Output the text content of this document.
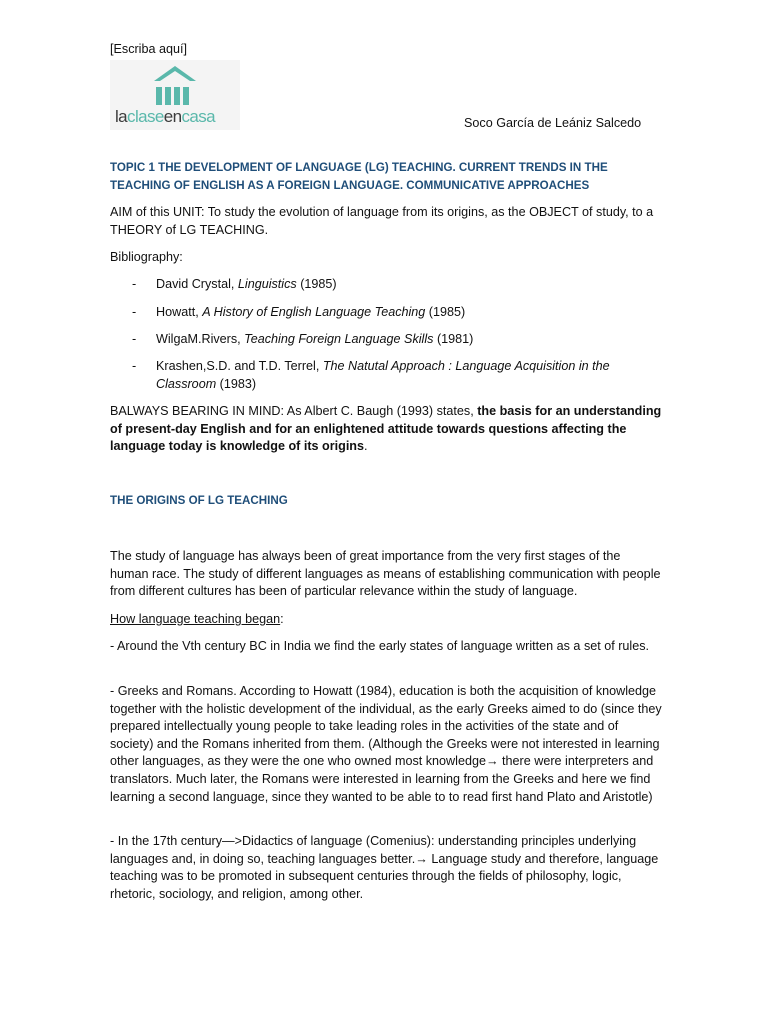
[Escriba aquí]
laclaseencasa	Soco García de Leániz Salcedo
TOPIC 1 THE DEVELOPMENT OF LANGUAGE (LG) TEACHING. CURRENT TRENDS IN THE TEACHING OF ENGLISH AS A FOREIGN LANGUAGE. COMMUNICATIVE APPROACHES
AIM of this UNIT: To study the evolution of language from its origins, as the OBJECT of study, to a THEORY of LG TEACHING.
Bibliography:
- David Crystal, Linguistics (1985)
- Howatt, A History of English Language Teaching (1985)
- WilgaM.Rivers, Teaching Foreign Language Skills (1981)
- Krashen,S.D. and T.D. Terrel, The Natutal Approach : Language Acquisition in the Classroom (1983)
BALWAYS BEARING IN MIND: As Albert C. Baugh (1993) states, the basis for an understanding of present-day English and for an enlightened attitude towards questions affecting the language today is knowledge of its origins.
THE ORIGINS OF LG TEACHING
The study of language has always been of great importance from the very first stages of the human race. The study of different languages as means of establishing communication with people from different cultures has been of particular relevance within the study of language.
How language teaching began:
- Around the Vth century BC in India we find the early states of language written as a set of rules.
- Greeks and Romans. According to Howatt (1984), education is both the acquisition of knowledge together with the holistic development of the individual, as the early Greeks aimed to do (since they prepared intellectually young people to take leading roles in the activities of the state and of society) and the Romans inherited from them. (Although the Greeks were not interested in learning other languages, as they were the one who owned most knowledge→ there were interpreters and translators. Much later, the Romans were interested in learning from the Greeks and here we find learning a second language, since they wanted to be able to to read first hand Plato and Aristotle)
- In the 17th century—>Didactics of language (Comenius): understanding principles underlying languages and, in doing so, teaching languages better.→ Language study and therefore, language teaching was to be promoted in subsequent centuries through the fields of philosophy, logic, rhetoric, sociology, and religion, among other.
